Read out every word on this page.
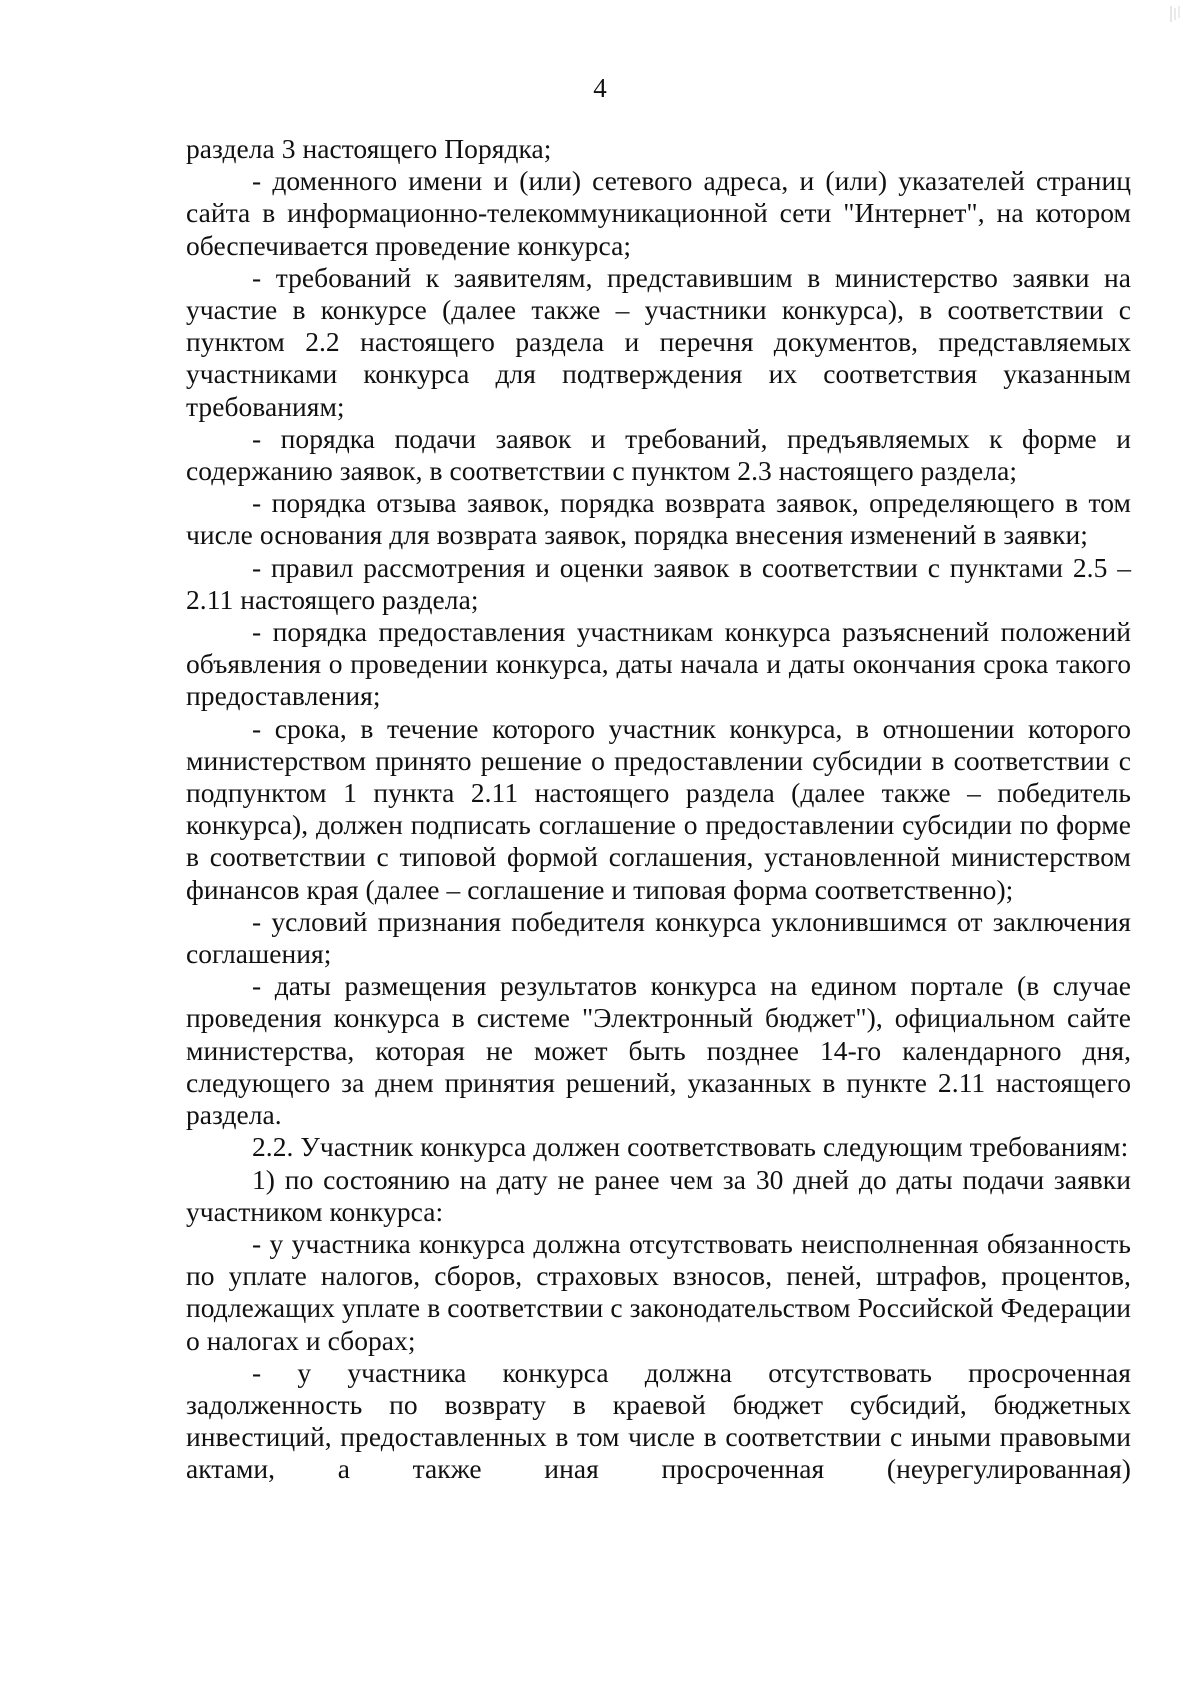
4

раздела 3 настоящего Порядка;

- доменного имени и (или) сетевого адреса, и (или) указателей страниц сайта в информационно-телекоммуникационной сети "Интернет", на котором обеспечивается проведение конкурса;

- требований к заявителям, представившим в министерство заявки на участие в конкурсе (далее также – участники конкурса), в соответствии с пунктом 2.2 настоящего раздела и перечня документов, представляемых участниками конкурса для подтверждения их соответствия указанным требованиям;

- порядка подачи заявок и требований, предъявляемых к форме и содержанию заявок, в соответствии с пунктом 2.3 настоящего раздела;

- порядка отзыва заявок, порядка возврата заявок, определяющего в том числе основания для возврата заявок, порядка внесения изменений в заявки;

- правил рассмотрения и оценки заявок в соответствии с пунктами 2.5 – 2.11 настоящего раздела;

- порядка предоставления участникам конкурса разъяснений положений объявления о проведении конкурса, даты начала и даты окончания срока такого предоставления;

- срока, в течение которого участник конкурса, в отношении которого министерством принято решение о предоставлении субсидии в соответствии с подпунктом 1 пункта 2.11 настоящего раздела (далее также – победитель конкурса), должен подписать соглашение о предоставлении субсидии по форме в соответствии с типовой формой соглашения, установленной министерством финансов края (далее – соглашение и типовая форма соответственно);

- условий признания победителя конкурса уклонившимся от заключения соглашения;

- даты размещения результатов конкурса на едином портале (в случае проведения конкурса в системе "Электронный бюджет"), официальном сайте министерства, которая не может быть позднее 14-го календарного дня, следующего за днем принятия решений, указанных в пункте 2.11 настоящего раздела.

2.2. Участник конкурса должен соответствовать следующим требованиям:

1) по состоянию на дату не ранее чем за 30 дней до даты подачи заявки участником конкурса:

- у участника конкурса должна отсутствовать неисполненная обязанность по уплате налогов, сборов, страховых взносов, пеней, штрафов, процентов, подлежащих уплате в соответствии с законодательством Российской Федерации о налогах и сборах;

- у участника конкурса должна отсутствовать просроченная задолженность по возврату в краевой бюджет субсидий, бюджетных инвестиций, предоставленных в том числе в соответствии с иными правовыми актами, а также иная просроченная (неурегулированная)
